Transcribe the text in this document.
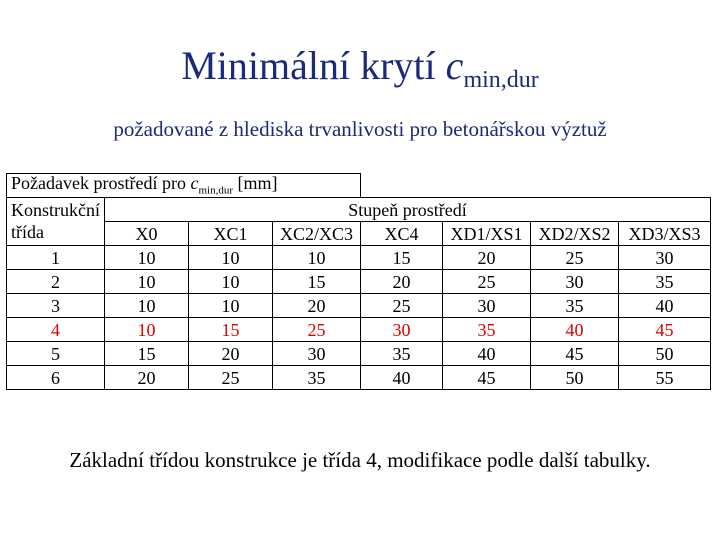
Minimální krytí $c_{min,dur}$
požadované z hlediska trvanlivosti pro betonářskou výztuž
Požadavek prostředí pro $c_{min,dur}$ [mm]							
Konstrukční
třída	Stupeň prostředí						
	X0	XC1	XC2/XC3	XC4	XD1/XS1	XD2/XS2	XD3/XS3
1	10	10	10	15	20	25	30
2	10	10	15	20	25	30	35
3	10	10	20	25	30	35	40
4	10	15	25	30	35	40	45
5	15	20	30	35	40	45	50
6	20	25	35	40	45	50	55
Základní třídou konstrukce je třída 4, modifikace podle další tabulky.
